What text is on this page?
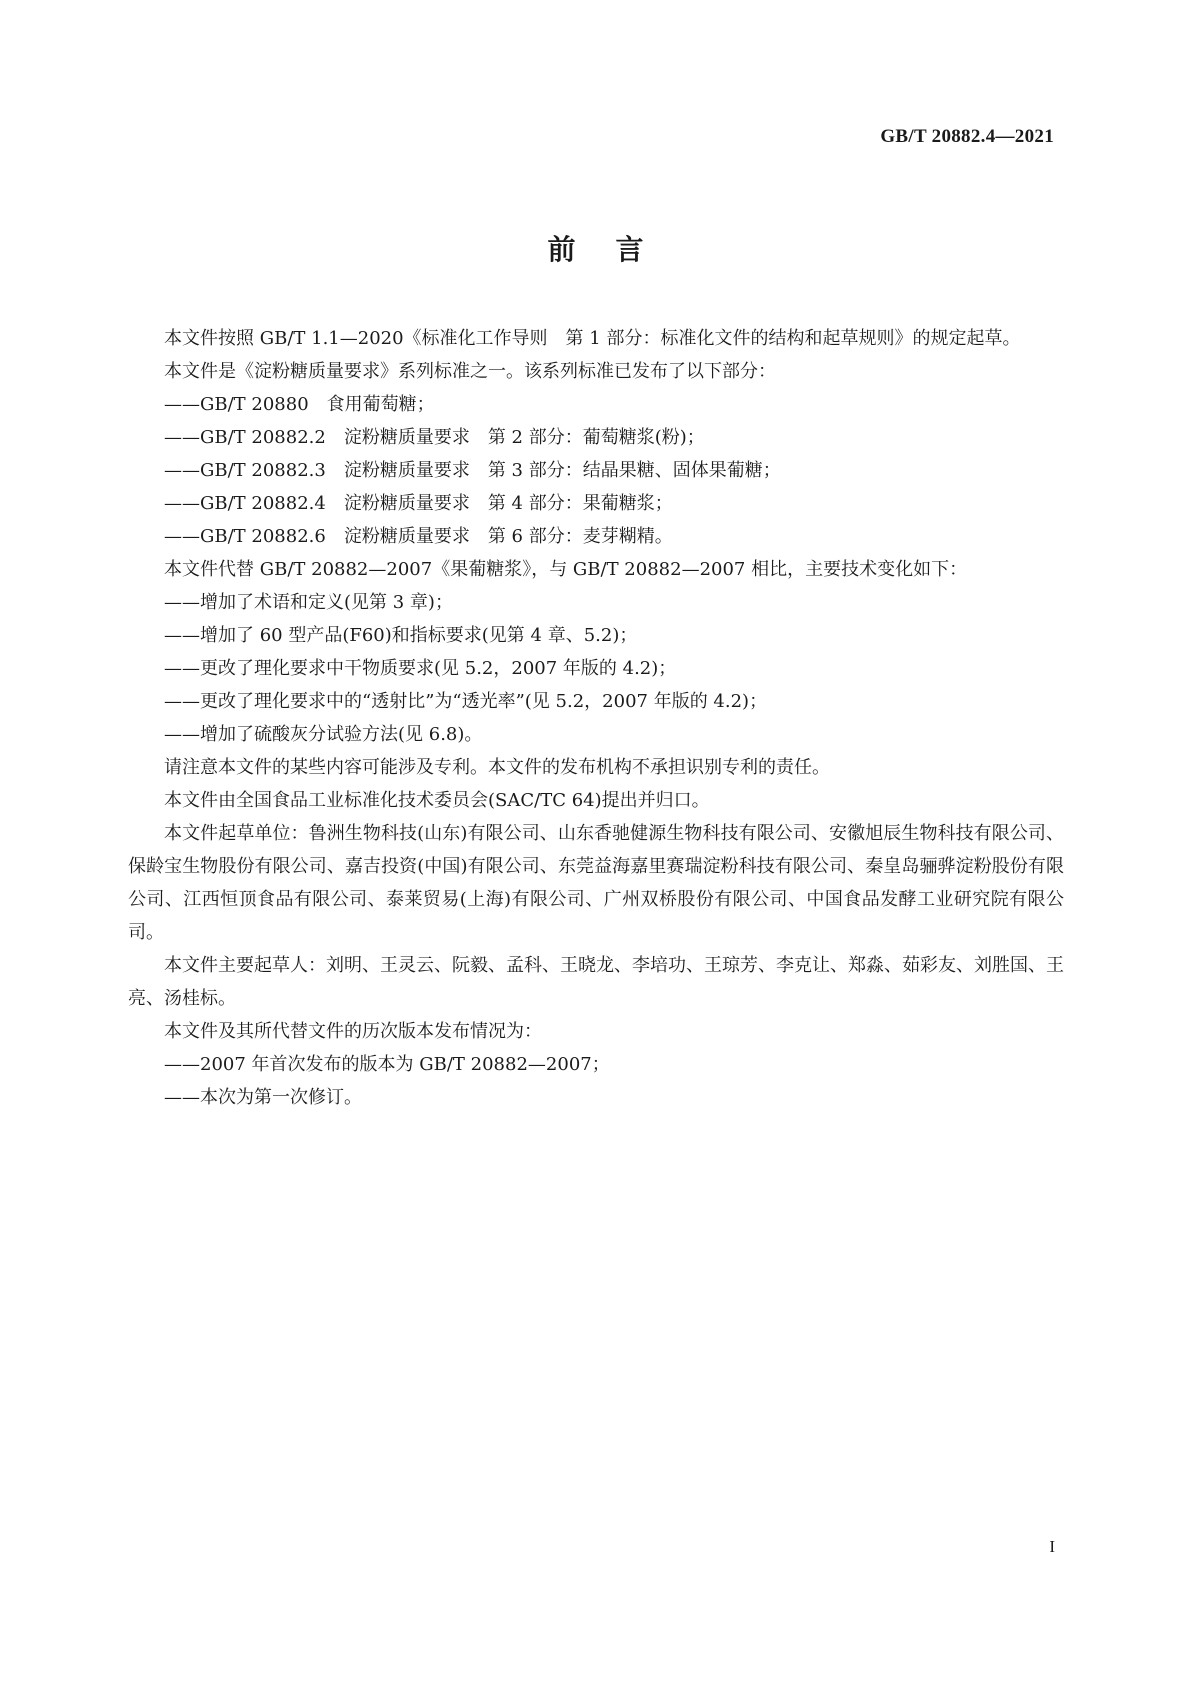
GB/T 20882.4—2021
前言

本文件按照 GB/T 1.1—2020《标准化工作导则　第 1 部分：标准化文件的结构和起草规则》的规定起草。

本文件是《淀粉糖质量要求》系列标准之一。该系列标准已发布了以下部分：

——GB/T 20880　食用葡萄糖；

——GB/T 20882.2　淀粉糖质量要求　第 2 部分：葡萄糖浆(粉)；

——GB/T 20882.3　淀粉糖质量要求　第 3 部分：结晶果糖、固体果葡糖；

——GB/T 20882.4　淀粉糖质量要求　第 4 部分：果葡糖浆；

——GB/T 20882.6　淀粉糖质量要求　第 6 部分：麦芽糊精。

本文件代替 GB/T 20882—2007《果葡糖浆》，与 GB/T 20882—2007 相比，主要技术变化如下：

——增加了术语和定义(见第 3 章)；

——增加了 60 型产品(F60)和指标要求(见第 4 章、5.2)；

——更改了理化要求中干物质要求(见 5.2，2007 年版的 4.2)；

——更改了理化要求中的“透射比”为“透光率”(见 5.2，2007 年版的 4.2)；

——增加了硫酸灰分试验方法(见 6.8)。

请注意本文件的某些内容可能涉及专利。本文件的发布机构不承担识别专利的责任。

本文件由全国食品工业标准化技术委员会(SAC/TC 64)提出并归口。

本文件起草单位：鲁洲生物科技(山东)有限公司、山东香驰健源生物科技有限公司、安徽旭辰生物科技有限公司、保龄宝生物股份有限公司、嘉吉投资(中国)有限公司、东莞益海嘉里赛瑞淀粉科技有限公司、秦皇岛骊骅淀粉股份有限公司、江西恒顶食品有限公司、泰莱贸易(上海)有限公司、广州双桥股份有限公司、中国食品发酵工业研究院有限公司。

本文件主要起草人：刘明、王灵云、阮毅、孟科、王晓龙、李培功、王琼芳、李克让、郑淼、茹彩友、刘胜国、王亮、汤桂标。

本文件及其所代替文件的历次版本发布情况为：

——2007 年首次发布的版本为 GB/T 20882—2007；

——本次为第一次修订。

I
